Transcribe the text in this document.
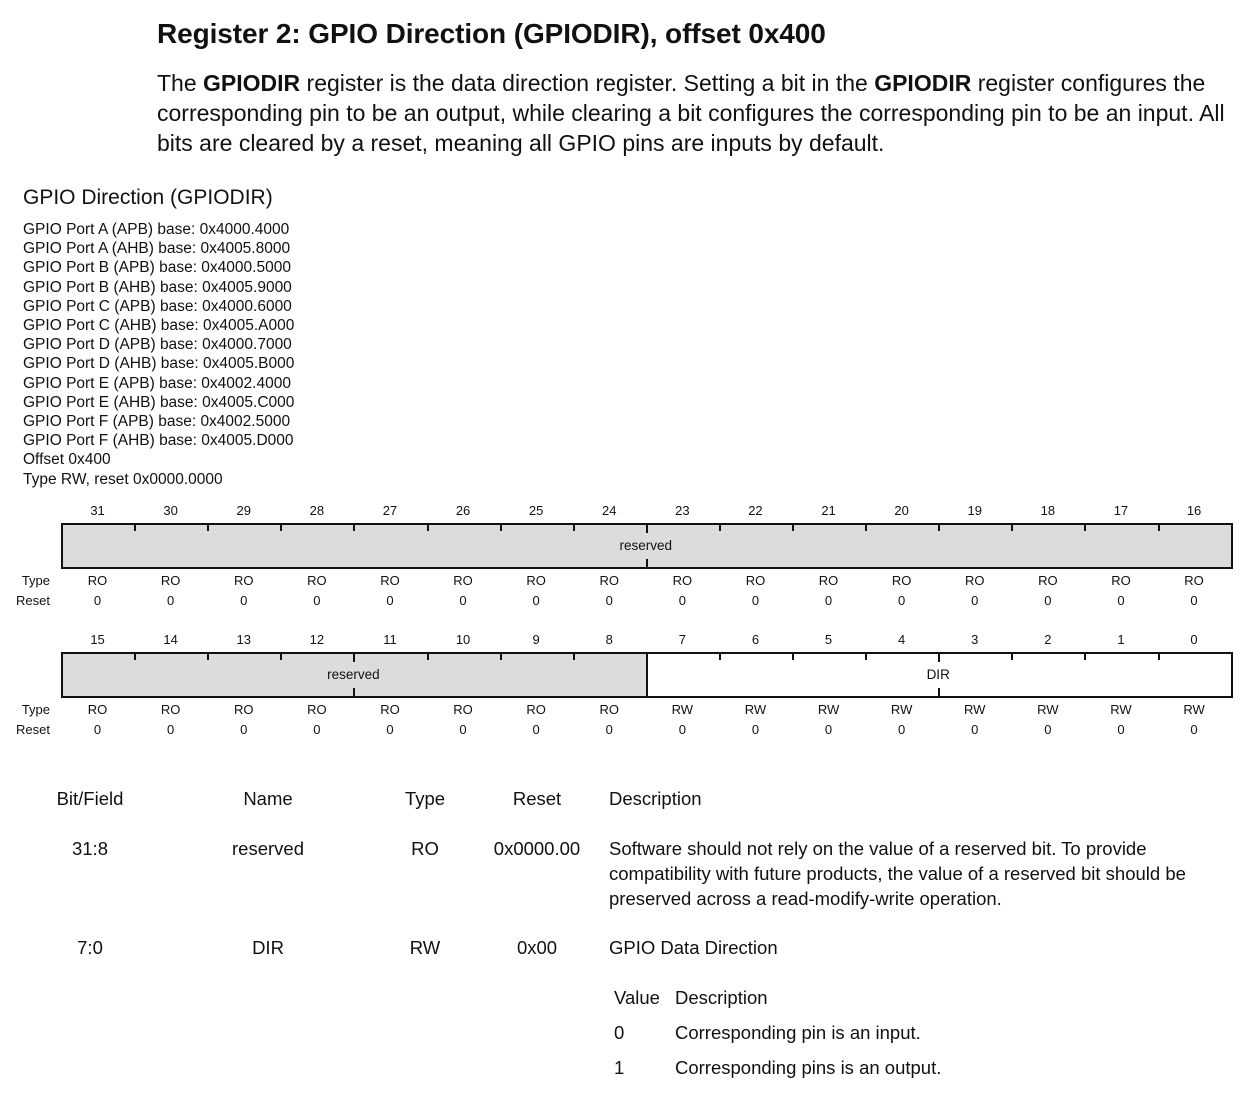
Register 2: GPIO Direction (GPIODIR), offset 0x400
The GPIODIR register is the data direction register. Setting a bit in the GPIODIR register configures the corresponding pin to be an output, while clearing a bit configures the corresponding pin to be an input. All bits are cleared by a reset, meaning all GPIO pins are inputs by default.
GPIO Direction (GPIODIR)
GPIO Port A (APB) base: 0x4000.4000
GPIO Port A (AHB) base: 0x4005.8000
GPIO Port B (APB) base: 0x4000.5000
GPIO Port B (AHB) base: 0x4005.9000
GPIO Port C (APB) base: 0x4000.6000
GPIO Port C (AHB) base: 0x4005.A000
GPIO Port D (APB) base: 0x4000.7000
GPIO Port D (AHB) base: 0x4005.B000
GPIO Port E (APB) base: 0x4002.4000
GPIO Port E (AHB) base: 0x4005.C000
GPIO Port F (APB) base: 0x4002.5000
GPIO Port F (AHB) base: 0x4005.D000
Offset 0x400
Type RW, reset 0x0000.0000
31	30	29	28	27	26	25	24	23	22	21	20	19	18	17	16
reserved
Type
Reset
RO	RO	RO	RO	RO	RO	RO	RO	RO	RO	RO	RO	RO	RO	RO	RO
0	0	0	0	0	0	0	0	0	0	0	0	0	0	0	0
15	14	13	12	11	10	9	8	7	6	5	4	3	2	1	0
reserved	DIR
Type
Reset
RO	RO	RO	RO	RO	RO	RO	RO	RW	RW	RW	RW	RW	RW	RW	RW
0	0	0	0	0	0	0	0	0	0	0	0	0	0	0	0
Bit/Field	Name	Type	Reset	Description
31:8	reserved	RO	0x0000.00	Software should not rely on the value of a reserved bit. To provide compatibility with future products, the value of a reserved bit should be preserved across a read-modify-write operation.
7:0	DIR	RW	0x00	GPIO Data Direction
Value Description
0	Corresponding pin is an input.
1	Corresponding pins is an output.
